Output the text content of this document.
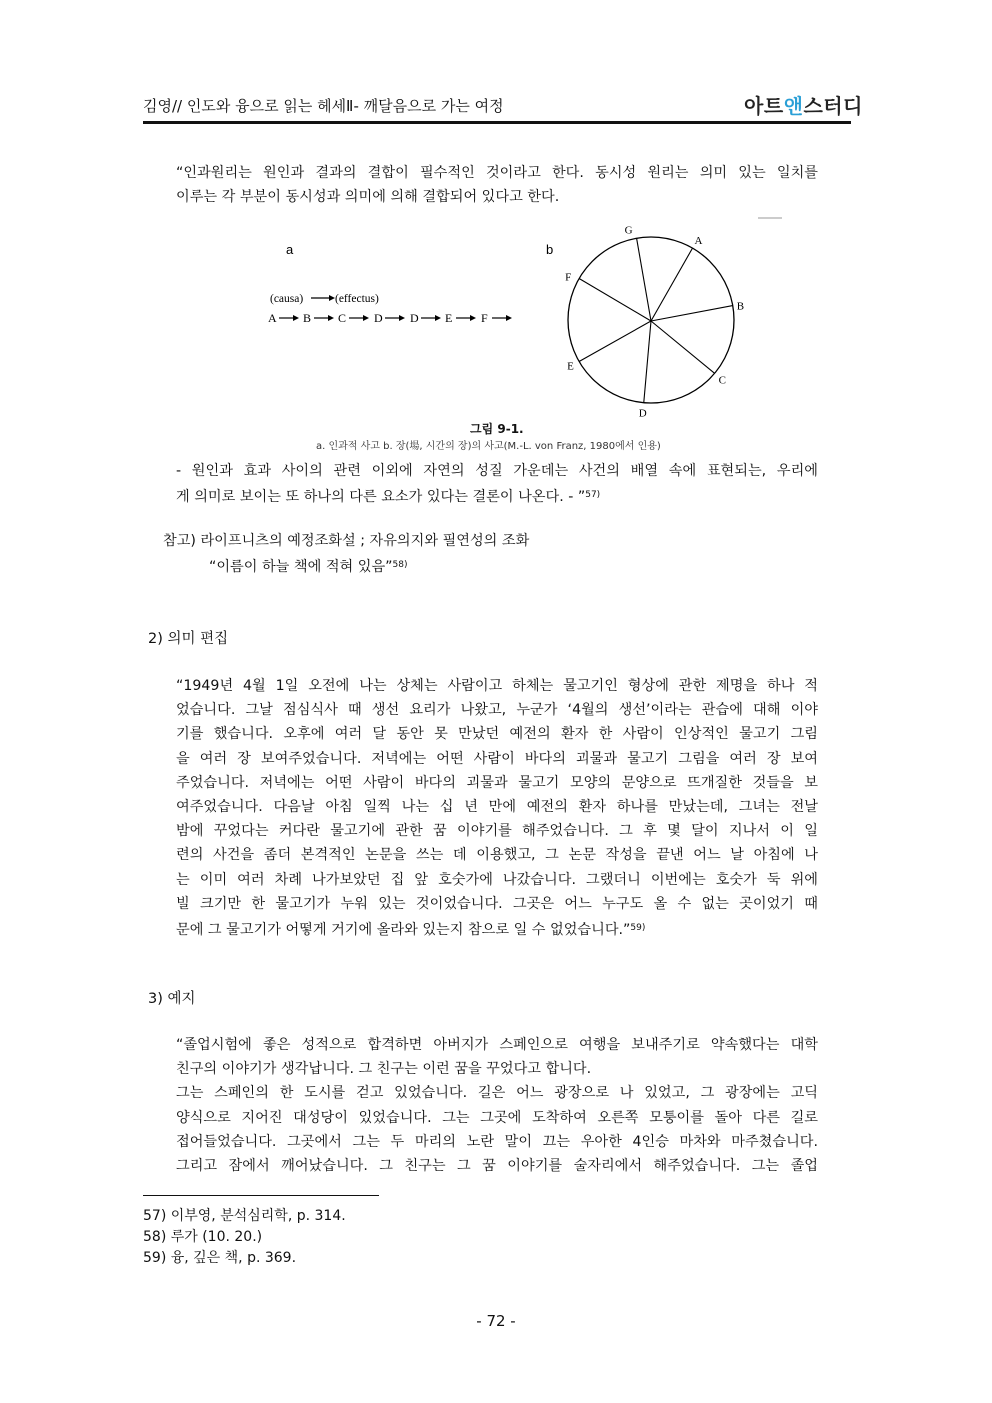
김영// 인도와 융으로 읽는 헤세Ⅱ- 깨달음으로 가는 여정	아트앤스터디
“인과원리는 원인과 결과의 결합이 필수적인 것이라고 한다. 동시성 원리는 의미 있는 일치를
이루는 각 부분이 동시성과 의미에 의해 결합되어 있다고 한다.
a	b
(causa)	(effectus)
A B C D D E F
G
A
B
C
D
E
F
그림 9-1.
a. 인과적 사고 b. 장(場, 시간의 장)의 사고(M.-L. von Franz, 1980에서 인용)
- 원인과 효과 사이의 관련 이외에 자연의 성질 가운데는 사건의 배열 속에 표현되는, 우리에
게 의미로 보이는 또 하나의 다른 요소가 있다는 결론이 나온다. - ”$^{57)}$
참고) 라이프니츠의 예정조화설 ; 자유의지와 필연성의 조화
“이름이 하늘 책에 적혀 있음”$^{58)}$
2) 의미 편집
“1949년 4월 1일 오전에 나는 상체는 사람이고 하체는 물고기인 형상에 관한 제명을 하나 적
었습니다. 그날 점심식사 때 생선 요리가 나왔고, 누군가 ‘4월의 생선’이라는 관습에 대해 이야
기를 했습니다. 오후에 여러 달 동안 못 만났던 예전의 환자 한 사람이 인상적인 물고기 그림
을 여러 장 보여주었습니다. 저녁에는 어떤 사람이 바다의 괴물과 물고기 그림을 여러 장 보여
주었습니다. 저녁에는 어떤 사람이 바다의 괴물과 물고기 모양의 문양으로 뜨개질한 것들을 보
여주었습니다. 다음날 아침 일찍 나는 십 년 만에 예전의 환자 하나를 만났는데, 그녀는 전날
밤에 꾸었다는 커다란 물고기에 관한 꿈 이야기를 해주었습니다. 그 후 몇 달이 지나서 이 일
련의 사건을 좀더 본격적인 논문을 쓰는 데 이용했고, 그 논문 작성을 끝낸 어느 날 아침에 나
는 이미 여러 차례 나가보았던 집 앞 호숫가에 나갔습니다. 그랬더니 이번에는 호숫가 둑 위에
빌 크기만 한 물고기가 누워 있는 것이었습니다. 그곳은 어느 누구도 올 수 없는 곳이었기 때
문에 그 물고기가 어떻게 거기에 올라와 있는지 참으로 일 수 없었습니다.”$^{59)}$
3) 예지
“졸업시험에 좋은 성적으로 합격하면 아버지가 스페인으로 여행을 보내주기로 약속했다는 대학
친구의 이야기가 생각납니다. 그 친구는 이런 꿈을 꾸었다고 합니다.
그는 스페인의 한 도시를 걷고 있었습니다. 길은 어느 광장으로 나 있었고, 그 광장에는 고딕
양식으로 지어진 대성당이 있었습니다. 그는 그곳에 도착하여 오른쪽 모퉁이를 돌아 다른 길로
접어들었습니다. 그곳에서 그는 두 마리의 노란 말이 끄는 우아한 4인승 마차와 마주쳤습니다.
그리고 잠에서 깨어났습니다. 그 친구는 그 꿈 이야기를 술자리에서 해주었습니다. 그는 졸업
57) 이부영, 분석심리학, p. 314.
58) 루가 (10. 20.)
59) 융, 깊은 책, p. 369.
- 72 -
